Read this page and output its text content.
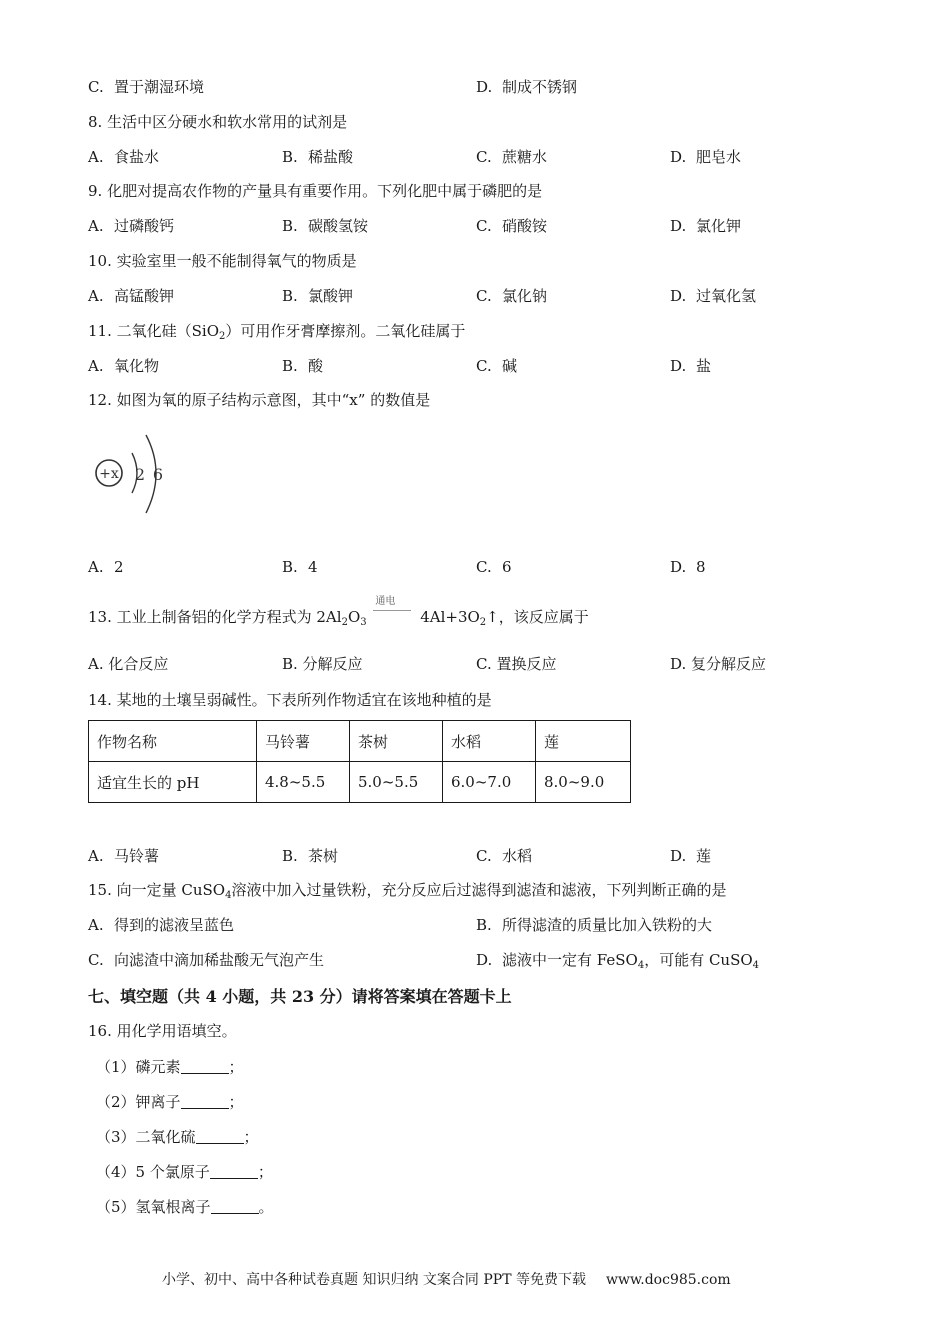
C. 置于潮湿环境	D. 制成不锈钢
8. 生活中区分硬水和软水常用的试剂是
A. 食盐水	B. 稀盐酸	C. 蔗糖水	D. 肥皂水
9. 化肥对提高农作物的产量具有重要作用。下列化肥中属于磷肥的是
A. 过磷酸钙	B. 碳酸氢铵	C. 硝酸铵	D. 氯化钾
10. 实验室里一般不能制得氧气的物质是
A. 高锰酸钾	B. 氯酸钾	C. 氯化钠	D. 过氧化氢
11. 二氧化硅（SiO$_2$）可用作牙膏摩擦剂。二氧化硅属于
A. 氧化物	B. 酸	C. 碱	D. 盐
12. 如图为氧的原子结构示意图，其中“x” 的数值是
+x 2 6
A. 2	B. 4	C. 6	D. 8
13. 工业上制备铝的化学方程式为 $2Al_2O_3$
通电
$4Al+3O_2↑$，该反应属于
A. 化合反应	B. 分解反应	C. 置换反应	D. 复分解反应
14. 某地的土壤呈弱碱性。下表所列作物适宜在该地种植的是
作物名称	马铃薯	茶树	水稻	莲
适宜生长的 pH	4.8~5.5	5.0~5.5	6.0~7.0	8.0~9.0
A. 马铃薯	B. 茶树	C. 水稻	D. 莲
15. 向一定量 CuSO$_4$溶液中加入过量铁粉，充分反应后过滤得到滤渣和滤液，下列判断正确的是
A. 得到的滤液呈蓝色	B. 所得滤渣的质量比加入铁粉的大
C. 向滤渣中滴加稀盐酸无气泡产生	D. 滤液中一定有 FeSO$_4$，可能有 CuSO$_4$
七、填空题（共 4 小题，共 23 分）请将答案填在答题卡上
16. 用化学用语填空。
（1）磷元素	；
（2）钾离子	；
（3）二氧化硫	；
（4）5 个氯原子	；
（5）氢氧根离子	。
小学、初中、高中各种试卷真题 知识归纳 文案合同 PPT 等免费下载 www.doc985.com
